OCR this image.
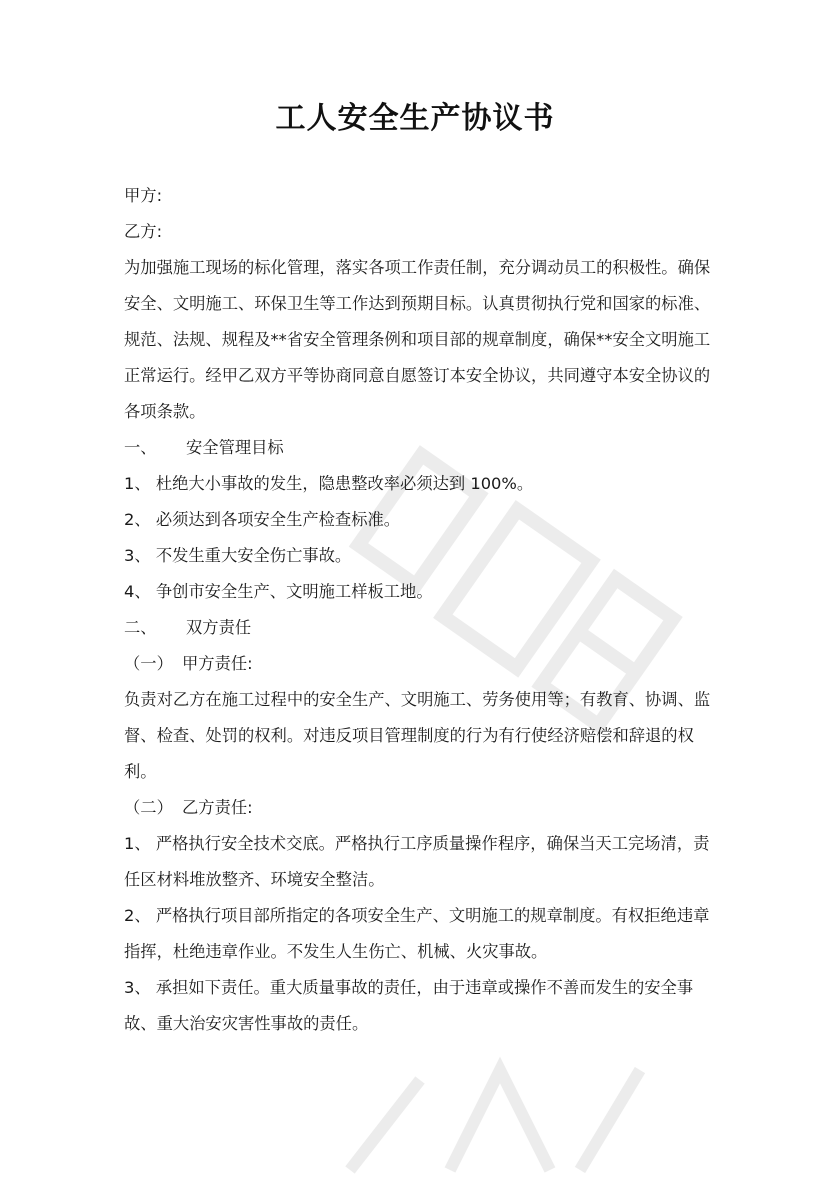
工人安全生产协议书

甲方:

乙方:

为加强施工现场的标化管理，落实各项工作责任制，充分调动员工的积极性。确保安全、文明施工、环保卫生等工作达到预期目标。认真贯彻执行党和国家的标准、规范、法规、规程及**省安全管理条例和项目部的规章制度，确保**安全文明施工正常运行。经甲乙双方平等协商同意自愿签订本安全协议，共同遵守本安全协议的各项条款。

一、 安全管理目标

1、 杜绝大小事故的发生，隐患整改率必须达到 100%。

2、 必须达到各项安全生产检查标准。

3、 不发生重大安全伤亡事故。

4、 争创市安全生产、文明施工样板工地。

二、 双方责任

（一） 甲方责任:

负责对乙方在施工过程中的安全生产、文明施工、劳务使用等；有教育、协调、监督、检查、处罚的权利。对违反项目管理制度的行为有行使经济赔偿和辞退的权利。

（二） 乙方责任:

1、 严格执行安全技术交底。严格执行工序质量操作程序，确保当天工完场清，责任区材料堆放整齐、环境安全整洁。

2、 严格执行项目部所指定的各项安全生产、文明施工的规章制度。有权拒绝违章指挥，杜绝违章作业。不发生人生伤亡、机械、火灾事故。

3、 承担如下责任。重大质量事故的责任，由于违章或操作不善而发生的安全事故、重大治安灾害性事故的责任。
